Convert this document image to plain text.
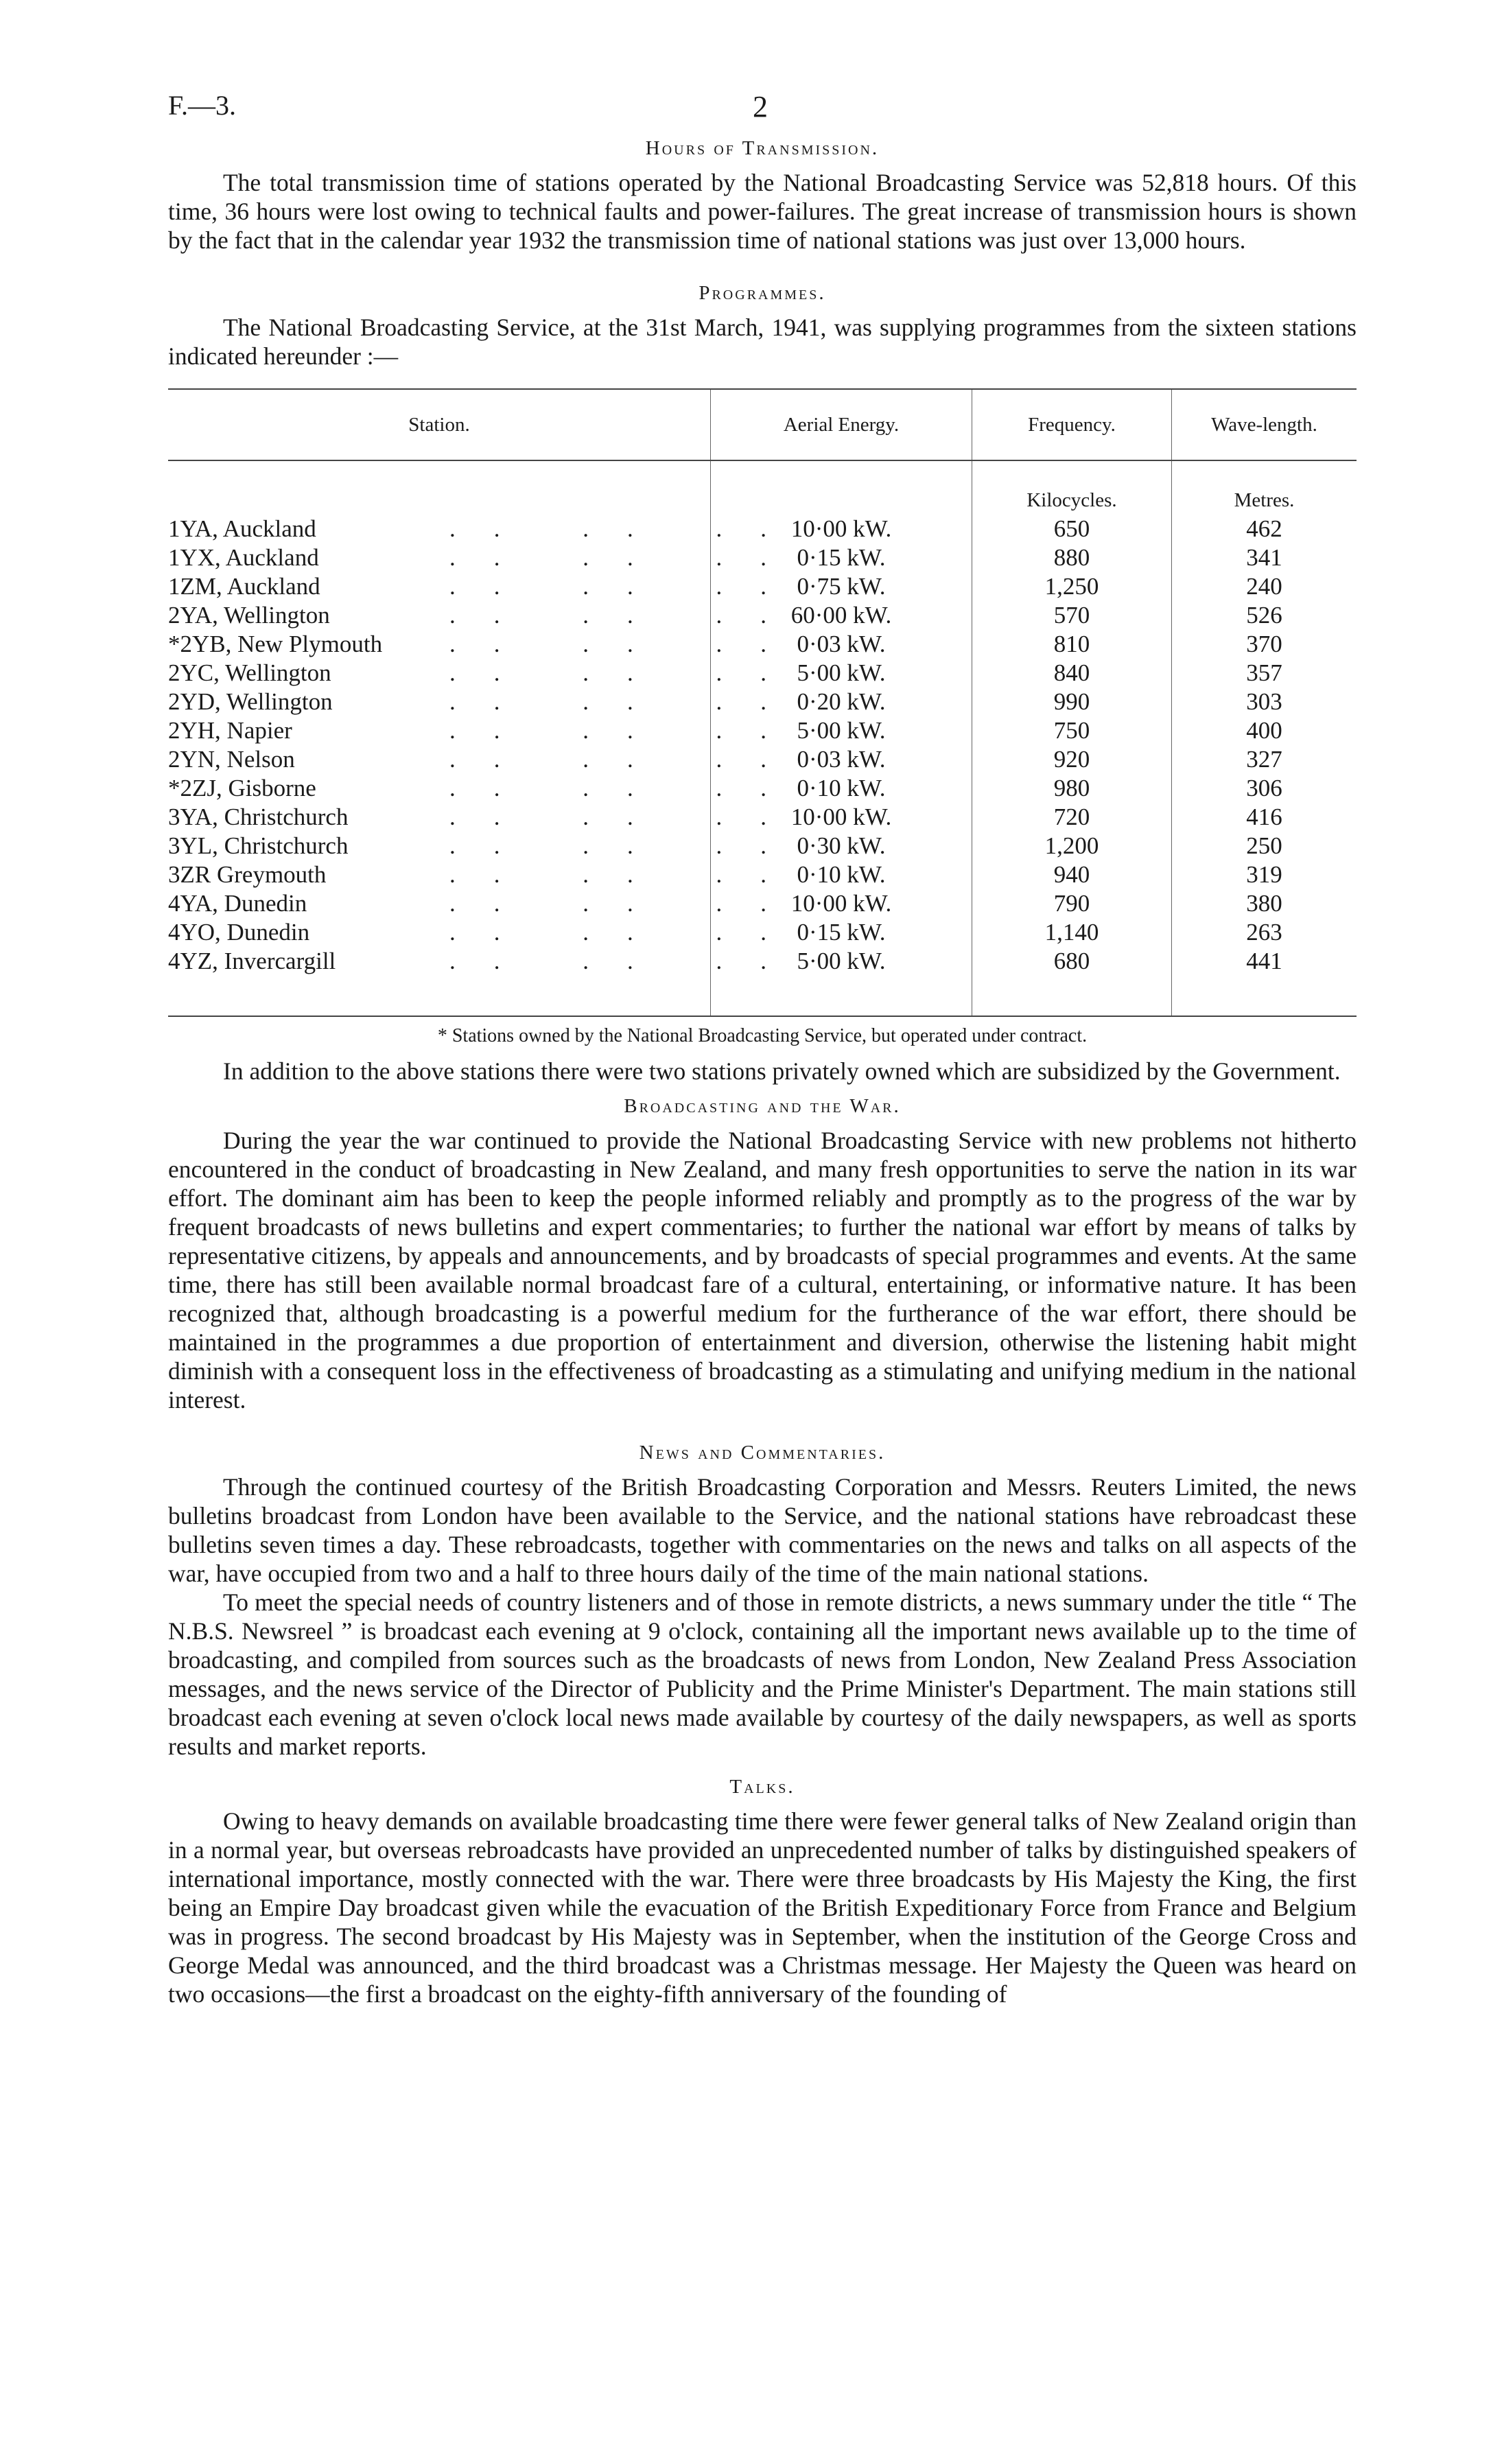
F.—3.	2
Hours of Transmission.

The total transmission time of stations operated by the National Broadcasting Service was 52,818 hours. Of this time, 36 hours were lost owing to technical faults and power-failures. The great increase of transmission hours is shown by the fact that in the calendar year 1932 the transmission time of national stations was just over 13,000 hours.

Programmes.

The National Broadcasting Service, at the 31st March, 1941, was supplying programmes from the sixteen stations indicated hereunder :—

Station.	Aerial Energy.	Frequency.	Wave-length.
		Kilocycles.	Metres.
1YA, Auckland .. .. ..	10·00 kW.	650	462
1YX, Auckland .. .. ..	0·15 kW.	880	341
1ZM, Auckland .. .. ..	0·75 kW.	1,250	240
2YA, Wellington .. .. ..	60·00 kW.	570	526
*2YB, New Plymouth .. .. ..	0·03 kW.	810	370
2YC, Wellington .. .. ..	5·00 kW.	840	357
2YD, Wellington .. .. ..	0·20 kW.	990	303
2YH, Napier .. .. ..	5·00 kW.	750	400
2YN, Nelson .. .. ..	0·03 kW.	920	327
*2ZJ, Gisborne .. .. ..	0·10 kW.	980	306
3YA, Christchurch .. .. ..	10·00 kW.	720	416
3YL, Christchurch .. .. ..	0·30 kW.	1,200	250
3ZR Greymouth .. .. ..	0·10 kW.	940	319
4YA, Dunedin .. .. ..	10·00 kW.	790	380
4YO, Dunedin .. .. ..	0·15 kW.	1,140	263
4YZ, Invercargill .. .. ..	5·00 kW.	680	441

* Stations owned by the National Broadcasting Service, but operated under contract.

In addition to the above stations there were two stations privately owned which are subsidized by the Government.

Broadcasting and the War.

During the year the war continued to provide the National Broadcasting Service with new problems not hitherto encountered in the conduct of broadcasting in New Zealand, and many fresh opportunities to serve the nation in its war effort. The dominant aim has been to keep the people informed reliably and promptly as to the progress of the war by frequent broadcasts of news bulletins and expert commentaries; to further the national war effort by means of talks by representative citizens, by appeals and announcements, and by broadcasts of special programmes and events. At the same time, there has still been available normal broadcast fare of a cultural, entertaining, or informative nature. It has been recognized that, although broadcasting is a powerful medium for the furtherance of the war effort, there should be maintained in the programmes a due proportion of entertainment and diversion, otherwise the listening habit might diminish with a consequent loss in the effectiveness of broadcasting as a stimulating and unifying medium in the national interest.

News and Commentaries.

Through the continued courtesy of the British Broadcasting Corporation and Messrs. Reuters Limited, the news bulletins broadcast from London have been available to the Service, and the national stations have rebroadcast these bulletins seven times a day. These rebroadcasts, together with commentaries on the news and talks on all aspects of the war, have occupied from two and a half to three hours daily of the time of the main national stations.

To meet the special needs of country listeners and of those in remote districts, a news summary under the title “ The N.B.S. Newsreel ” is broadcast each evening at 9 o'clock, containing all the important news available up to the time of broadcasting, and compiled from sources such as the broadcasts of news from London, New Zealand Press Association messages, and the news service of the Director of Publicity and the Prime Minister's Department. The main stations still broadcast each evening at seven o'clock local news made available by courtesy of the daily newspapers, as well as sports results and market reports.

Talks.

Owing to heavy demands on available broadcasting time there were fewer general talks of New Zealand origin than in a normal year, but overseas rebroadcasts have provided an unprecedented number of talks by distinguished speakers of international importance, mostly connected with the war. There were three broadcasts by His Majesty the King, the first being an Empire Day broadcast given while the evacuation of the British Expeditionary Force from France and Belgium was in progress. The second broadcast by His Majesty was in September, when the institution of the George Cross and George Medal was announced, and the third broadcast was a Christmas message. Her Majesty the Queen was heard on two occasions—the first a broadcast on the eighty-fifth anniversary of the founding of
